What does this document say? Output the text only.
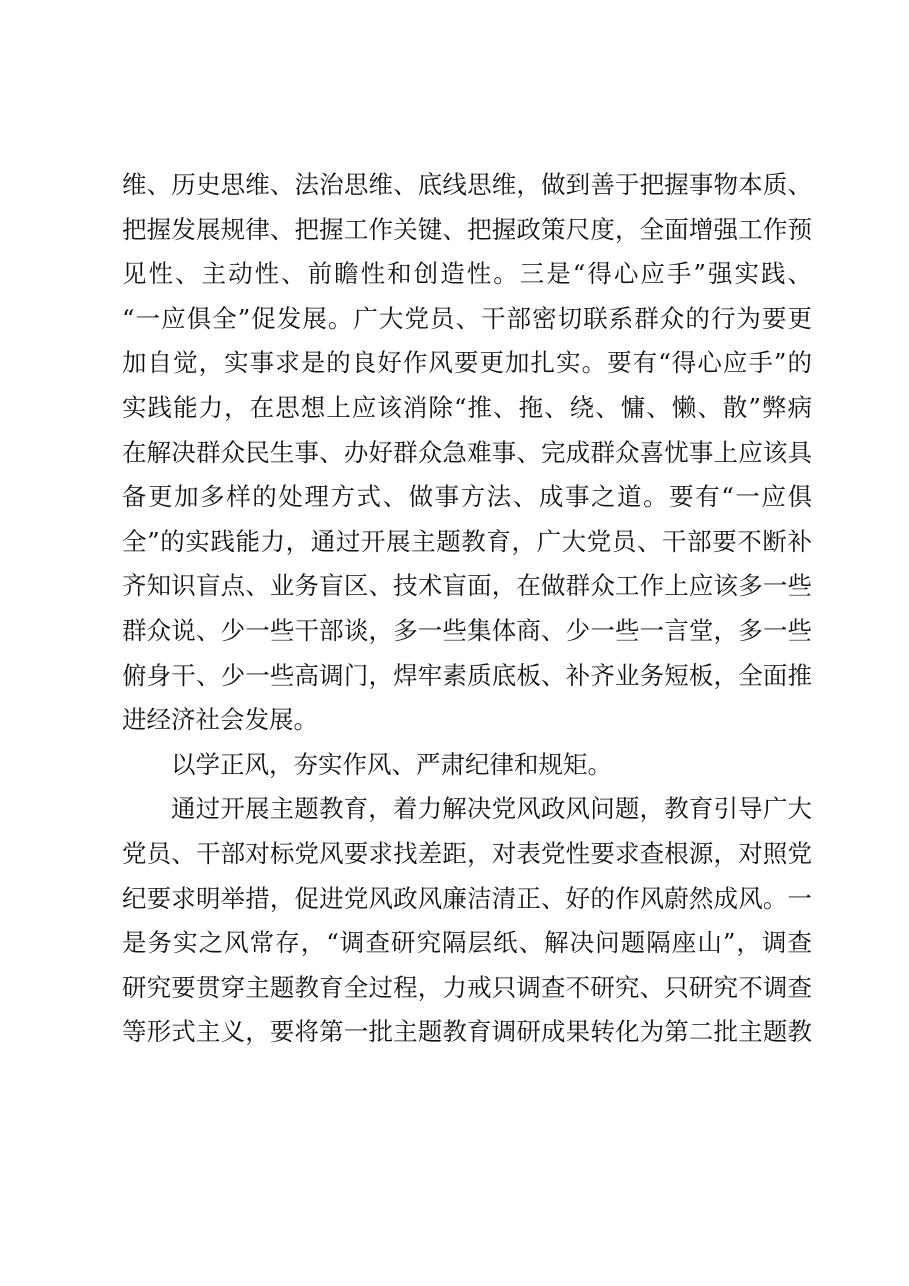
维、历史思维、法治思维、底线思维，做到善于把握事物本质、
把握发展规律、把握工作关键、把握政策尺度，全面增强工作预
见性、主动性、前瞻性和创造性。三是“得心应手”强实践、
“一应俱全”促发展。广大党员、干部密切联系群众的行为要更
加自觉，实事求是的良好作风要更加扎实。要有“得心应手”的
实践能力，在思想上应该消除“推、拖、绕、慵、懒、散”弊病
在解决群众民生事、办好群众急难事、完成群众喜忧事上应该具
备更加多样的处理方式、做事方法、成事之道。要有“一应俱
全”的实践能力，通过开展主题教育，广大党员、干部要不断补
齐知识盲点、业务盲区、技术盲面，在做群众工作上应该多一些
群众说、少一些干部谈，多一些集体商、少一些一言堂，多一些
俯身干、少一些高调门，焊牢素质底板、补齐业务短板，全面推
进经济社会发展。
以学正风，夯实作风、严肃纪律和规矩。
通过开展主题教育，着力解决党风政风问题，教育引导广大
党员、干部对标党风要求找差距，对表党性要求查根源，对照党
纪要求明举措，促进党风政风廉洁清正、好的作风蔚然成风。一
是务实之风常存，“调查研究隔层纸、解决问题隔座山”，调查
研究要贯穿主题教育全过程，力戒只调查不研究、只研究不调查
等形式主义，要将第一批主题教育调研成果转化为第二批主题教
